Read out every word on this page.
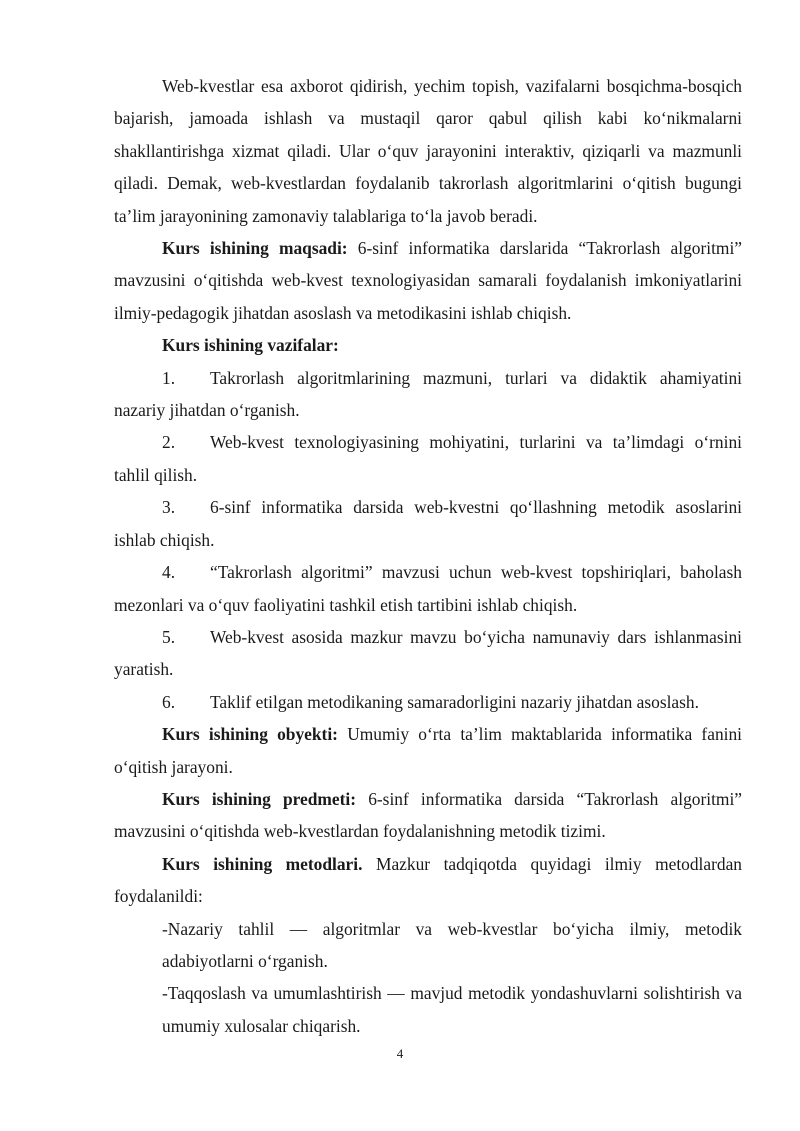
Web-kvestlar esa axborot qidirish, yechim topish, vazifalarni bosqichma-bosqich bajarish, jamoada ishlash va mustaqil qaror qabul qilish kabi ko‘nikmalarni shakllantirishga xizmat qiladi. Ular o‘quv jarayonini interaktiv, qiziqarli va mazmunli qiladi. Demak, web-kvestlardan foydalanib takrorlash algoritmlarini o‘qitish bugungi ta’lim jarayonining zamonaviy talablariga to‘la javob beradi.

Kurs ishining maqsadi: 6-sinf informatika darslarida “Takrorlash algoritmi” mavzusini o‘qitishda web-kvest texnologiyasidan samarali foydalanish imkoniyatlarini ilmiy-pedagogik jihatdan asoslash va metodikasini ishlab chiqish.

Kurs ishining vazifalar:

1. Takrorlash algoritmlarining mazmuni, turlari va didaktik ahamiyatini nazariy jihatdan o‘rganish.

2. Web-kvest texnologiyasining mohiyatini, turlarini va ta’limdagi o‘rnini tahlil qilish.

3. 6-sinf informatika darsida web-kvestni qo‘llashning metodik asoslarini ishlab chiqish.

4. “Takrorlash algoritmi” mavzusi uchun web-kvest topshiriqlari, baholash mezonlari va o‘quv faoliyatini tashkil etish tartibini ishlab chiqish.

5. Web-kvest asosida mazkur mavzu bo‘yicha namunaviy dars ishlanmasini yaratish.

6. Taklif etilgan metodikaning samaradorligini nazariy jihatdan asoslash.

Kurs ishining obyekti: Umumiy o‘rta ta’lim maktablarida informatika fanini o‘qitish jarayoni.

Kurs ishining predmeti: 6-sinf informatika darsida “Takrorlash algoritmi” mavzusini o‘qitishda web-kvestlardan foydalanishning metodik tizimi.

Kurs ishining metodlari. Mazkur tadqiqotda quyidagi ilmiy metodlardan foydalanildi:

-Nazariy tahlil — algoritmlar va web-kvestlar bo‘yicha ilmiy, metodik adabiyotlarni o‘rganish.

-Taqqoslash va umumlashtirish — mavjud metodik yondashuvlarni solishtirish va umumiy xulosalar chiqarish.

4
